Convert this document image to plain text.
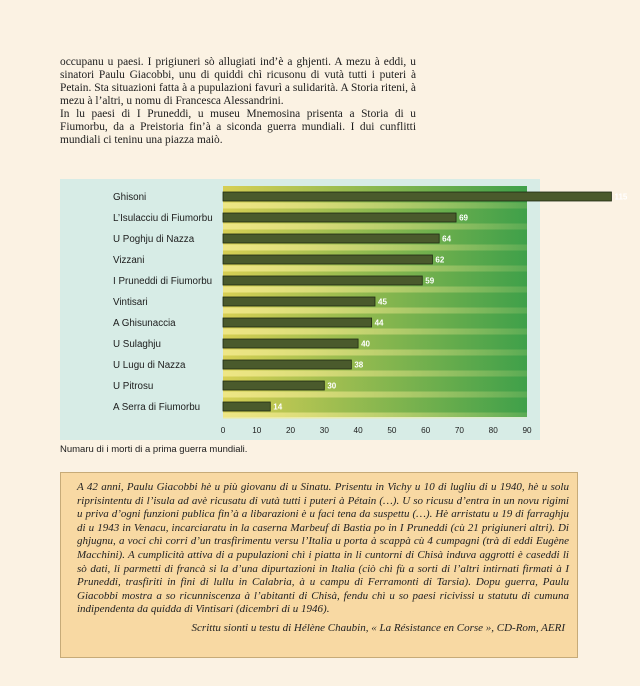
occupanu u paesi. I prigiuneri sò allugiati ind’è a ghjenti. A mezu à eddi, u sinatori Paulu Giacobbi, unu di quiddi chì ricusonu di vutà tutti i puteri à Petain. Sta situazioni fatta à a pupulazioni favurì a sulidarità. A Storia riteni, à mezu à l’altri, u nomu di Francesca Alessandrini.

In lu paesi di I Pruneddi, u museu Mnemosina prisenta a Storia di u Fiumorbu, da a Preistoria fin’à a siconda guerra mundiali. I dui cunflitti mundiali ci teninu una piazza maiò.

115
Ghisoni
69
L’Isulacciu di Fiumorbu
64
U Poghju di Nazza
62
Vizzani
59
I Pruneddi di Fiumorbu
45
Vintisari
44
A Ghisunaccia
40
U Sulaghju
38
U Lugu di Nazza
30
U Pitrosu
14
A Serra di Fiumorbu
0	10	20	30	40	50	60	70	80	90
Numaru di i morti di a prima guerra mundiali.

A 42 anni, Paulu Giacobbi hè u più giovanu di u Sinatu. Prisentu in Vichy u 10 di lugliu di u 1940, hè u solu riprisintentu di l’isula ad avè ricusatu di vutà tutti i puteri à Pétain (…). U so ricusu d’entra in un novu rigimi u priva d’ogni funzioni publica fin’à a libarazioni è u faci tena da suspettu (…). Hè arristatu u 19 di farraghju di u 1943 in Venacu, incarciaratu in la caserna Marbeuf di Bastia po in I Pruneddi (cù 21 prigiuneri altri). Di ghjugnu, a voci chì corri d’un trasfirimentu versu l’Italia u porta à scappà cù 4 cumpagni (trà di eddi Eugène Macchini). A cumplicità attiva di a pupulazioni chì i piatta in li cuntorni di Chisà induva aggrotti è caseddi li sò dati, li parmetti di francà si la d’una dipurtazioni in Italia (ciò chì fù a sorti di l’altri intirnati firmati à I Pruneddi, trasfiriti in fini di lullu in Calabria, à u campu di Ferramonti di Tarsia). Dopu guerra, Paulu Giacobbi mostra a so ricunniscenza à l’abitanti di Chisà, fendu chì u so paesi ricivissi u statutu di cumuna indipendenta da quidda di Vintisari (dicembri di u 1946).

Scrittu sionti u testu di Hélène Chaubin, « La Résistance en Corse », CD-Rom, AERI
